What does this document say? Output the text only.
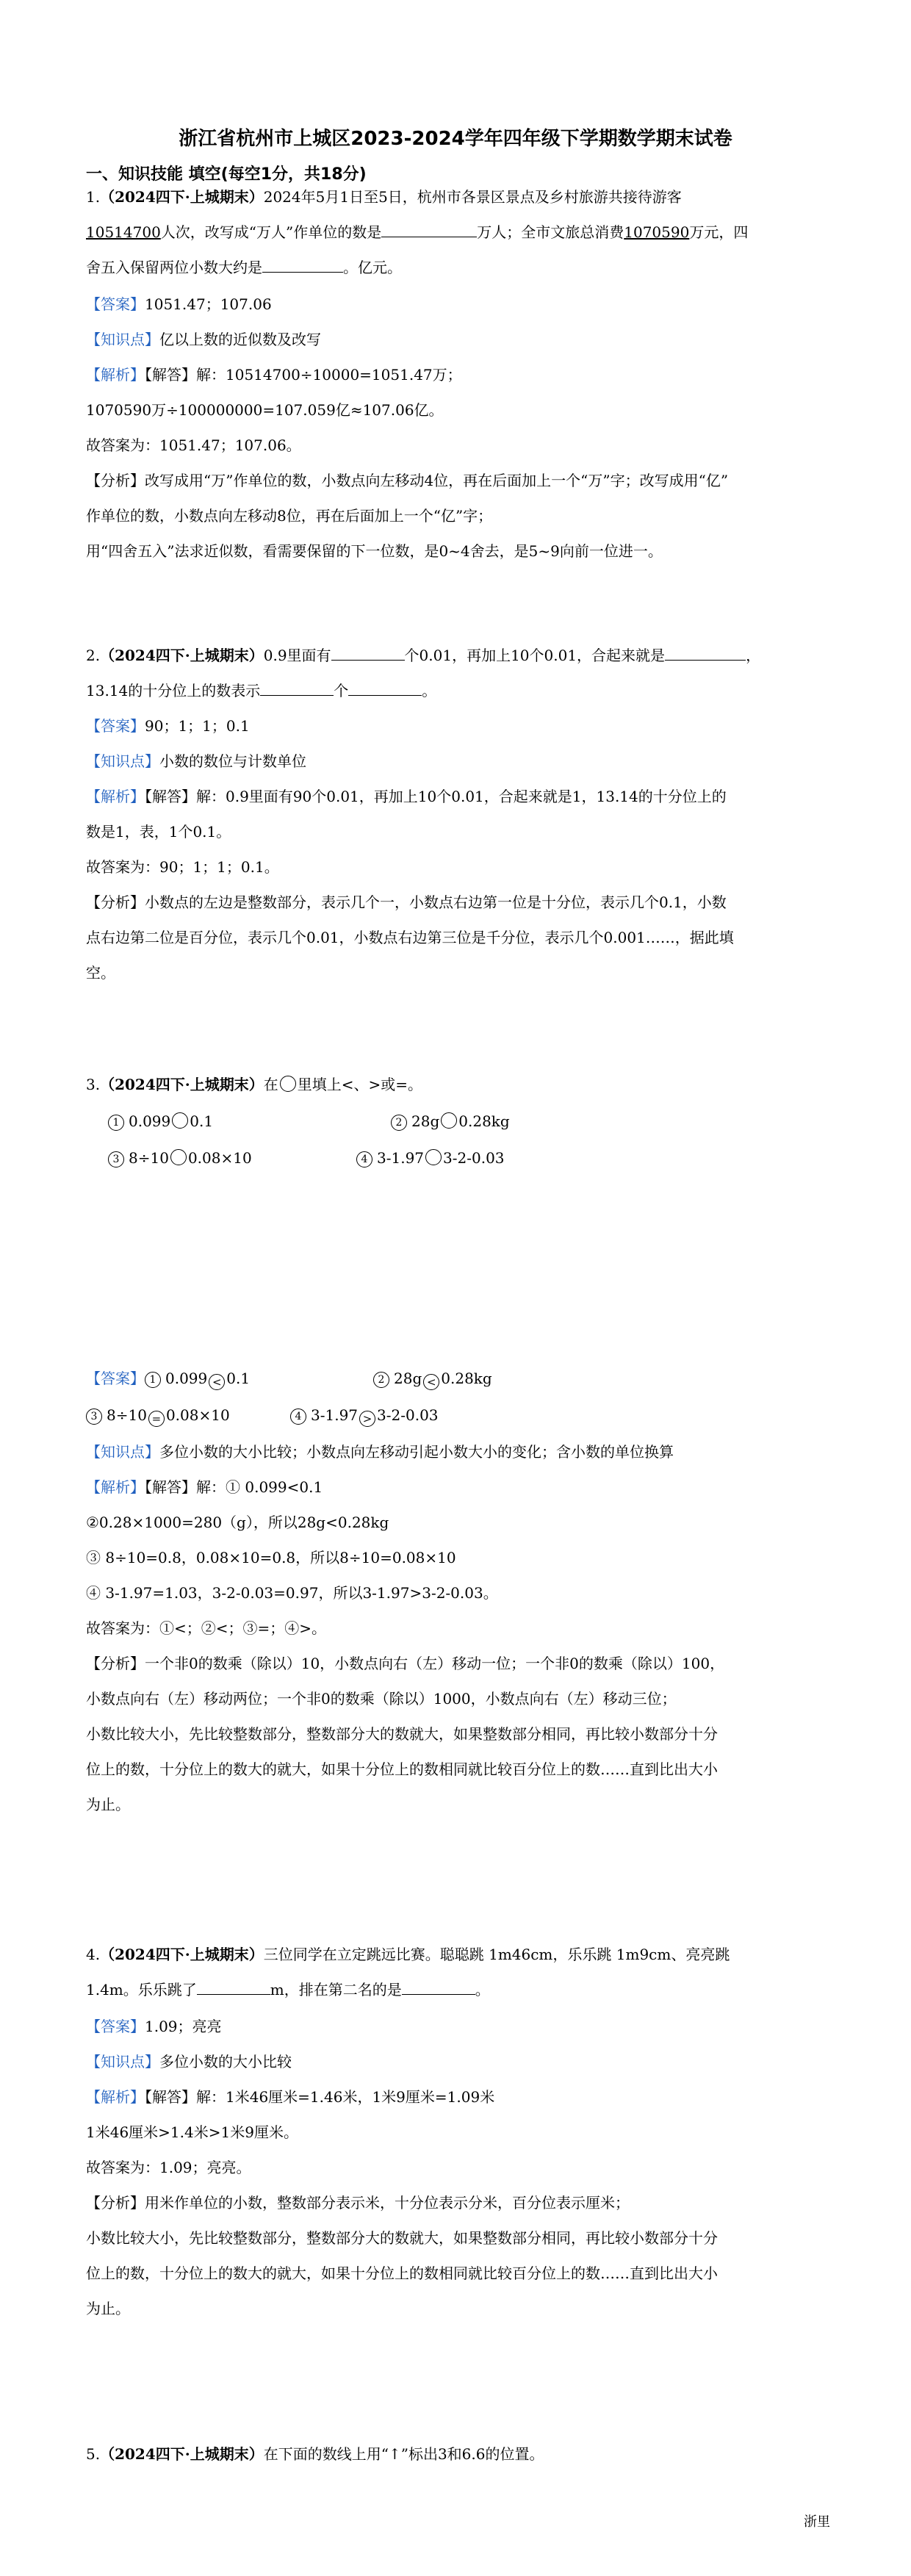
浙江省杭州市上城区2023-2024学年四年级下学期数学期末试卷
一、知识技能 填空(每空1分，共18分)
1.（2024四下·上城期末）2024年5月1日至5日，杭州市各景区景点及乡村旅游共接待游客
10514700人次，改写成“万人”作单位的数是	万人；全市文旅总消费1070590万元，四
舍五入保留两位小数大约是	。亿元。
【答案】1051.47；107.06
【知识点】亿以上数的近似数及改写
【解析】【解答】解：10514700÷10000=1051.47万；
1070590万÷100000000=107.059亿≈107.06亿。
故答案为：1051.47；107.06。
【分析】改写成用“万”作单位的数，小数点向左移动4位，再在后面加上一个“万”字；改写成用“亿”
作单位的数，小数点向左移动8位，再在后面加上一个“亿”字；
用“四舍五入”法求近似数，看需要保留的下一位数，是0~4舍去，是5~9向前一位进一。
2.（2024四下·上城期末）0.9里面有	个0.01，再加上10个0.01，合起来就是	，
13.14的十分位上的数表示	个	。
【答案】90；1；1；0.1
【知识点】小数的数位与计数单位
【解析】【解答】解：0.9里面有90个0.01，再加上10个0.01，合起来就是1，13.14的十分位上的
数是1，表，1个0.1。
故答案为：90；1；1；0.1。
【分析】小数点的左边是整数部分，表示几个一，小数点右边第一位是十分位，表示几个0.1，小数
点右边第二位是百分位，表示几个0.01，小数点右边第三位是千分位，表示几个0.001……，据此填
空。
3.（2024四下·上城期末）在 里填上<、>或=。
1 0.099 0.1	2 28g 0.28kg
3 8÷10 0.08×10	4 3-1.97 3-2-0.03
【答案】 1 0.099 < 0.1	2 28g < 0.28kg
3 8÷10 = 0.08×10	4 3-1.97 > 3-2-0.03
【知识点】多位小数的大小比较；小数点向左移动引起小数大小的变化；含小数的单位换算
【解析】【解答】解：① 0.099<0.1
②0.28×1000=280（g），所以28g<0.28kg
③ 8÷10=0.8，0.08×10=0.8，所以8÷10=0.08×10
④ 3-1.97=1.03，3-2-0.03=0.97，所以3-1.97>3-2-0.03。
故答案为：①<；②<；③=；④>。
【分析】一个非0的数乘（除以）10，小数点向右（左）移动一位；一个非0的数乘（除以）100，
小数点向右（左）移动两位；一个非0的数乘（除以）1000，小数点向右（左）移动三位；
小数比较大小，先比较整数部分，整数部分大的数就大，如果整数部分相同，再比较小数部分十分
位上的数，十分位上的数大的就大，如果十分位上的数相同就比较百分位上的数……直到比出大小
为止。
4.（2024四下·上城期末）三位同学在立定跳远比赛。聪聪跳 1m46cm，乐乐跳 1m9cm、亮亮跳
1.4m。乐乐跳了	m，排在第二名的是	。
【答案】1.09；亮亮
【知识点】多位小数的大小比较
【解析】【解答】解：1米46厘米=1.46米，1米9厘米=1.09米
1米46厘米>1.4米>1米9厘米。
故答案为：1.09；亮亮。
【分析】用米作单位的小数，整数部分表示米，十分位表示分米，百分位表示厘米；
小数比较大小，先比较整数部分，整数部分大的数就大，如果整数部分相同，再比较小数部分十分
位上的数，十分位上的数大的就大，如果十分位上的数相同就比较百分位上的数……直到比出大小
为止。
5.（2024四下·上城期末）在下面的数线上用“↑”标出3和6.6的位置。
浙里
